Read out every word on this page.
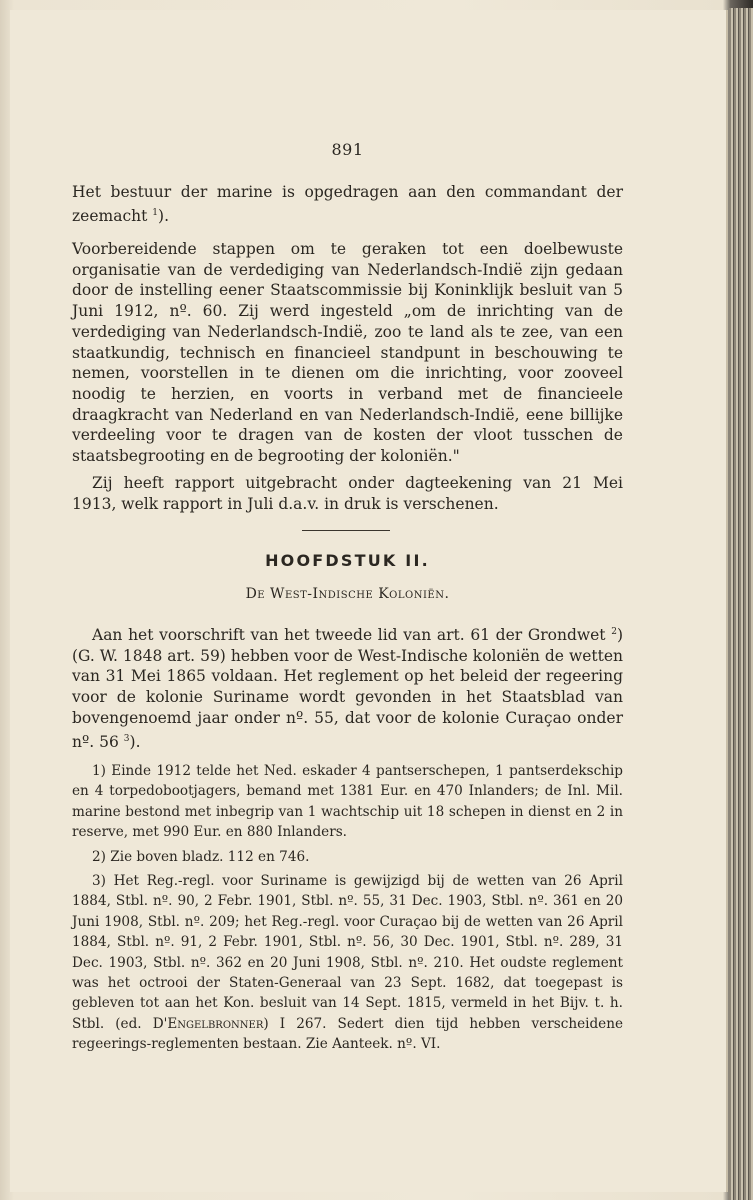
891

Het bestuur der marine is opgedragen aan den commandant der zeemacht $^1$).

Voorbereidende stappen om te geraken tot een doelbewuste organisatie van de verdediging van Nederlandsch-Indië zijn gedaan door de instelling eener Staatscommissie bij Koninklijk besluit van 5 Juni 1912, nº. 60. Zij werd ingesteld „om de inrichting van de verdediging van Nederlandsch-Indië, zoo te land als te zee, van een staatkundig, technisch en financieel standpunt in beschouwing te nemen, voorstellen in te dienen om die inrichting, voor zooveel noodig te herzien, en voorts in verband met de financieele draagkracht van Nederland en van Nederlandsch-Indië, eene billijke verdeeling voor te dragen van de kosten der vloot tusschen de staatsbegrooting en de begrooting der koloniën."

Zij heeft rapport uitgebracht onder dagteekening van 21 Mei 1913, welk rapport in Juli d.a.v. in druk is verschenen.

HOOFDSTUK II.
De West-Indische Koloniën.

Aan het voorschrift van het tweede lid van art. 61 der Grondwet $^2$) (G. W. 1848 art. 59) hebben voor de West-Indische koloniën de wetten van 31 Mei 1865 voldaan. Het reglement op het beleid der regeering voor de kolonie Suriname wordt gevonden in het Staatsblad van bovengenoemd jaar onder nº. 55, dat voor de kolonie Curaçao onder nº. 56 $^3$).

1) Einde 1912 telde het Ned. eskader 4 pantserschepen, 1 pantserdekschip en 4 torpedobootjagers, bemand met 1381 Eur. en 470 Inlanders; de Inl. Mil. marine bestond met inbegrip van 1 wachtschip uit 18 schepen in dienst en 2 in reserve, met 990 Eur. en 880 Inlanders.

2) Zie boven bladz. 112 en 746.

3) Het Reg.-regl. voor Suriname is gewijzigd bij de wetten van 26 April 1884, Stbl. nº. 90, 2 Febr. 1901, Stbl. nº. 55, 31 Dec. 1903, Stbl. nº. 361 en 20 Juni 1908, Stbl. nº. 209; het Reg.-regl. voor Curaçao bij de wetten van 26 April 1884, Stbl. nº. 91, 2 Febr. 1901, Stbl. nº. 56, 30 Dec. 1901, Stbl. nº. 289, 31 Dec. 1903, Stbl. nº. 362 en 20 Juni 1908, Stbl. nº. 210. Het oudste reglement was het octrooi der Staten-Generaal van 23 Sept. 1682, dat toegepast is gebleven tot aan het Kon. besluit van 14 Sept. 1815, vermeld in het Bijv. t. h. Stbl. (ed. D'Engelbronner) I 267. Sedert dien tijd hebben verscheidene regeerings-reglementen bestaan. Zie Aanteek. nº. VI.
